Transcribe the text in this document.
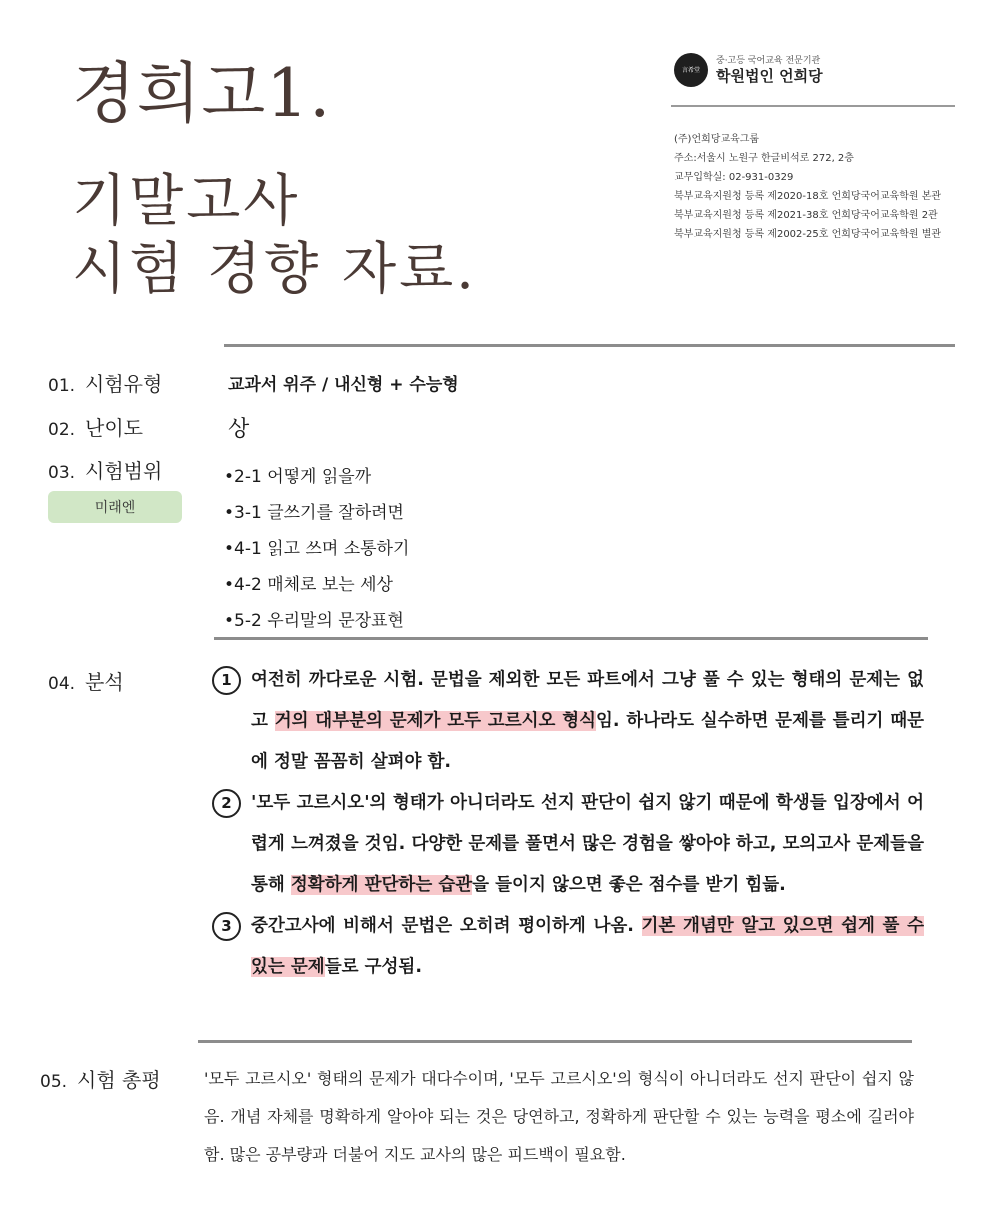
경희고1.
기말고사
시험 경향 자료.
言希堂
중·고등 국어교육 전문기관
학원법인 언희당
(주)언희당교육그룹
주소:서울시 노원구 한글비석로 272, 2층
교무입학실: 02-931-0329
북부교육지원청 등록 제2020-18호 언희당국어교육학원 본관
북부교육지원청 등록 제2021-38호 언희당국어교육학원 2관
북부교육지원청 등록 제2002-25호 언희당국어교육학원 별관
01. 시험유형	교과서 위주 / 내신형 + 수능형
02. 난이도	상
03. 시험범위
미래엔
•2-1 어떻게 읽을까
•3-1 글쓰기를 잘하려면
•4-1 읽고 쓰며 소통하기
•4-2 매체로 보는 세상
•5-2 우리말의 문장표현
04. 분석	1	여전히 까다로운 시험. 문법을 제외한 모든 파트에서 그냥 풀 수 있는 형태의 문제는 없고 거의 대부분의 문제가 모두 고르시오 형식임. 하나라도 실수하면 문제를 틀리기 때문에 정말 꼼꼼히 살펴야 함.
2	'모두 고르시오'의 형태가 아니더라도 선지 판단이 쉽지 않기 때문에 학생들 입장에서 어렵게 느껴졌을 것임. 다양한 문제를 풀면서 많은 경험을 쌓아야 하고, 모의고사 문제들을 통해 정확하게 판단하는 습관을 들이지 않으면 좋은 점수를 받기 힘듦.
3	중간고사에 비해서 문법은 오히려 평이하게 나옴. 기본 개념만 알고 있으면 쉽게 풀 수 있는 문제들로 구성됨.
05. 시험 총평	'모두 고르시오' 형태의 문제가 대다수이며, '모두 고르시오'의 형식이 아니더라도 선지 판단이 쉽지 않음. 개념 자체를 명확하게 알아야 되는 것은 당연하고, 정확하게 판단할 수 있는 능력을 평소에 길러야 함. 많은 공부량과 더불어 지도 교사의 많은 피드백이 필요함.
